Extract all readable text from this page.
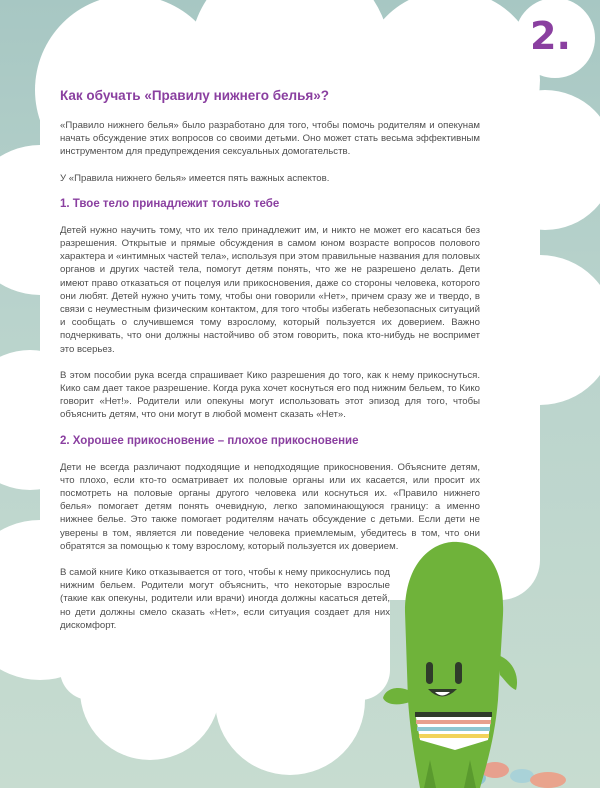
2.
Как обучать «Правилу нижнего белья»?

«Правило нижнего белья» было разработано для того, чтобы помочь родителям и опекунам начать обсуждение этих вопросов со своими детьми. Оно может стать весьма эффективным инструментом для предупреждения сексуальных домогательств.

У «Правила нижнего белья» имеется пять важных аспектов.

1. Твое тело принадлежит только тебе

Детей нужно научить тому, что их тело принадлежит им, и никто не может его касаться без разрешения. Открытые и прямые обсуждения в самом юном возрасте вопросов полового характера и «интимных частей тела», используя при этом правильные названия для половых органов и других частей тела, помогут детям понять, что же не разрешено делать. Дети имеют право отказаться от поцелуя или прикосновения, даже со стороны человека, которого они любят. Детей нужно учить тому, чтобы они говорили «Нет», причем сразу же и твердо, в связи с неуместным физическим контактом, для того чтобы избегать небезопасных ситуаций и сообщать о случившемся тому взрослому, который пользуется их доверием. Важно подчеркивать, что они должны настойчиво об этом говорить, пока кто-нибудь не воспримет это всерьез.

В этом пособии рука всегда спрашивает Кико разрешения до того, как к нему прикоснуться. Кико сам дает такое разрешение. Когда рука хочет коснуться его под нижним бельем, то Кико говорит «Нет!». Родители или опекуны могут использовать этот эпизод для того, чтобы объяснить детям, что они могут в любой момент сказать «Нет».

2. Хорошее прикосновение – плохое прикосновение

Дети не всегда различают подходящие и неподходящие прикосновения. Объясните детям, что плохо, если кто-то осматривает их половые органы или их касается, или просит их посмотреть на половые органы другого человека или коснуться их. «Правило нижнего белья» помогает детям понять очевидную, легко запоминающуюся границу: а именно нижнее белье. Это также помогает родителям начать обсуждение с детьми. Если дети не уверены в том, является ли поведение человека приемлемым, убедитесь в том, что они обратятся за помощью к тому взрослому, который пользуется их доверием.

В самой книге Кико отказывается от того, чтобы к нему прикоснулись под нижним бельем. Родители могут объяснить, что некоторые взрослые (такие как опекуны, родители или врачи) иногда должны касаться детей, но дети должны смело сказать «Нет», если ситуация создает для них дискомфорт.
